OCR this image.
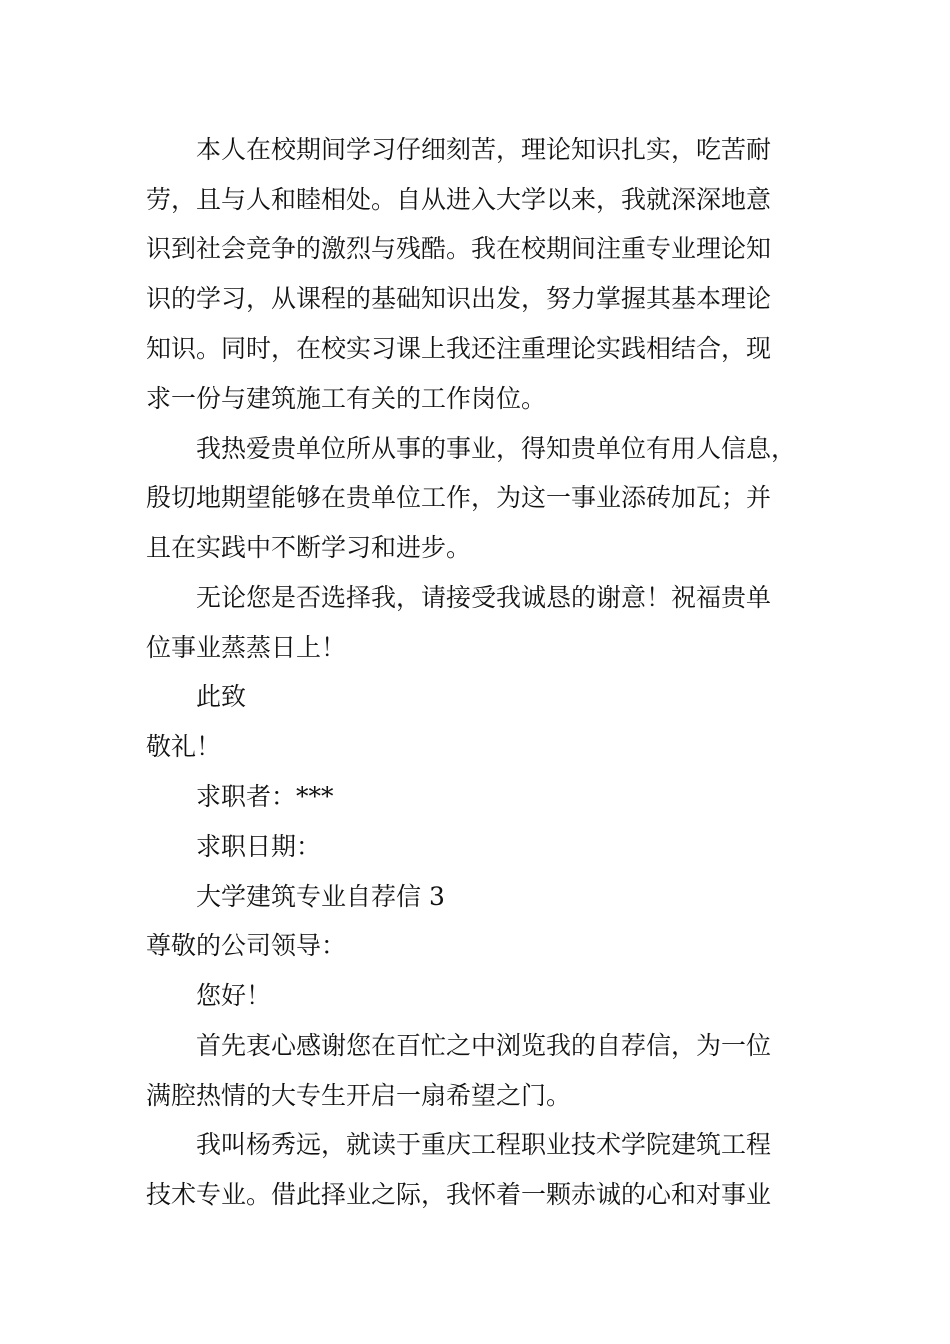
本人在校期间学习仔细刻苦，理论知识扎实，吃苦耐
劳，且与人和睦相处。自从进入大学以来，我就深深地意
识到社会竞争的激烈与残酷。我在校期间注重专业理论知
识的学习，从课程的基础知识出发，努力掌握其基本理论
知识。同时，在校实习课上我还注重理论实践相结合，现
求一份与建筑施工有关的工作岗位。
我热爱贵单位所从事的事业，得知贵单位有用人信息，
殷切地期望能够在贵单位工作，为这一事业添砖加瓦；并
且在实践中不断学习和进步。
无论您是否选择我，请接受我诚恳的谢意！祝福贵单
位事业蒸蒸日上！
此致
敬礼！
求职者：***
求职日期：
大学建筑专业自荐信 3
尊敬的公司领导：
您好！
首先衷心感谢您在百忙之中浏览我的自荐信，为一位
满腔热情的大专生开启一扇希望之门。
我叫杨秀远，就读于重庆工程职业技术学院建筑工程
技术专业。借此择业之际，我怀着一颗赤诚的心和对事业
